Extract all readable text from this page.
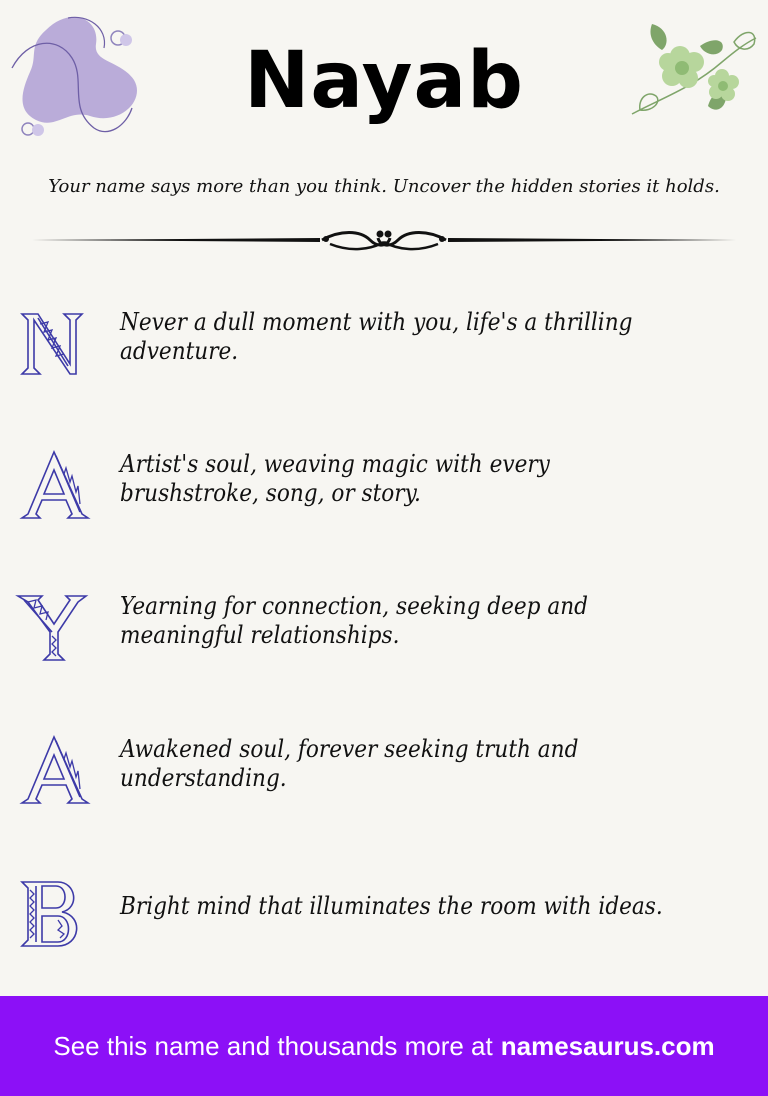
Nayab
Your name says more than you think. Uncover the hidden stories it holds.
Never a dull moment with you, life's a thrilling adventure.
Artist's soul, weaving magic with every brushstroke, song, or story.
Yearning for connection, seeking deep and meaningful relationships.
Awakened soul, forever seeking truth and understanding.
Bright mind that illuminates the room with ideas.
See this name and thousands more at namesaurus.com
